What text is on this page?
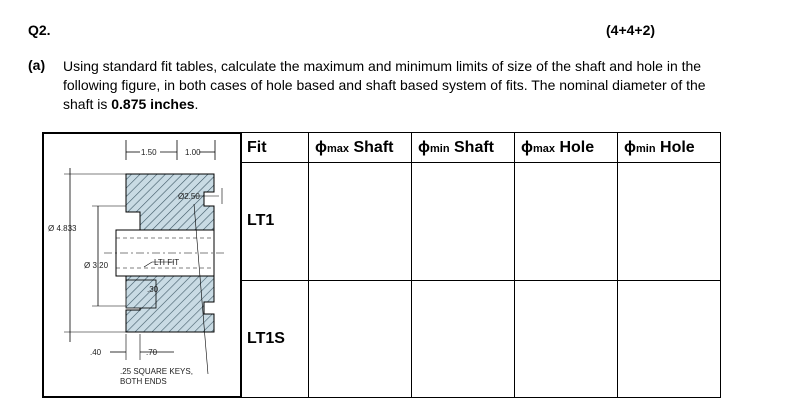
Q2.	(4+4+2)
(a) Using standard fit tables, calculate the maximum and minimum limits of size of the shaft and hole in the following figure, in both cases of hole based and shaft based system of fits. The nominal diameter of the shaft is 0.875 inches.
1.50	1.00
Ø2.50
Ø 4.833
Ø 3.20	LTI FIT
.30
.40	.70
.25 SQUARE KEYS,
BOTH ENDS
Fit	ϕmax Shaft	ϕmin Shaft	ϕmax Hole	ϕmin Hole
LT1				
LT1S				
